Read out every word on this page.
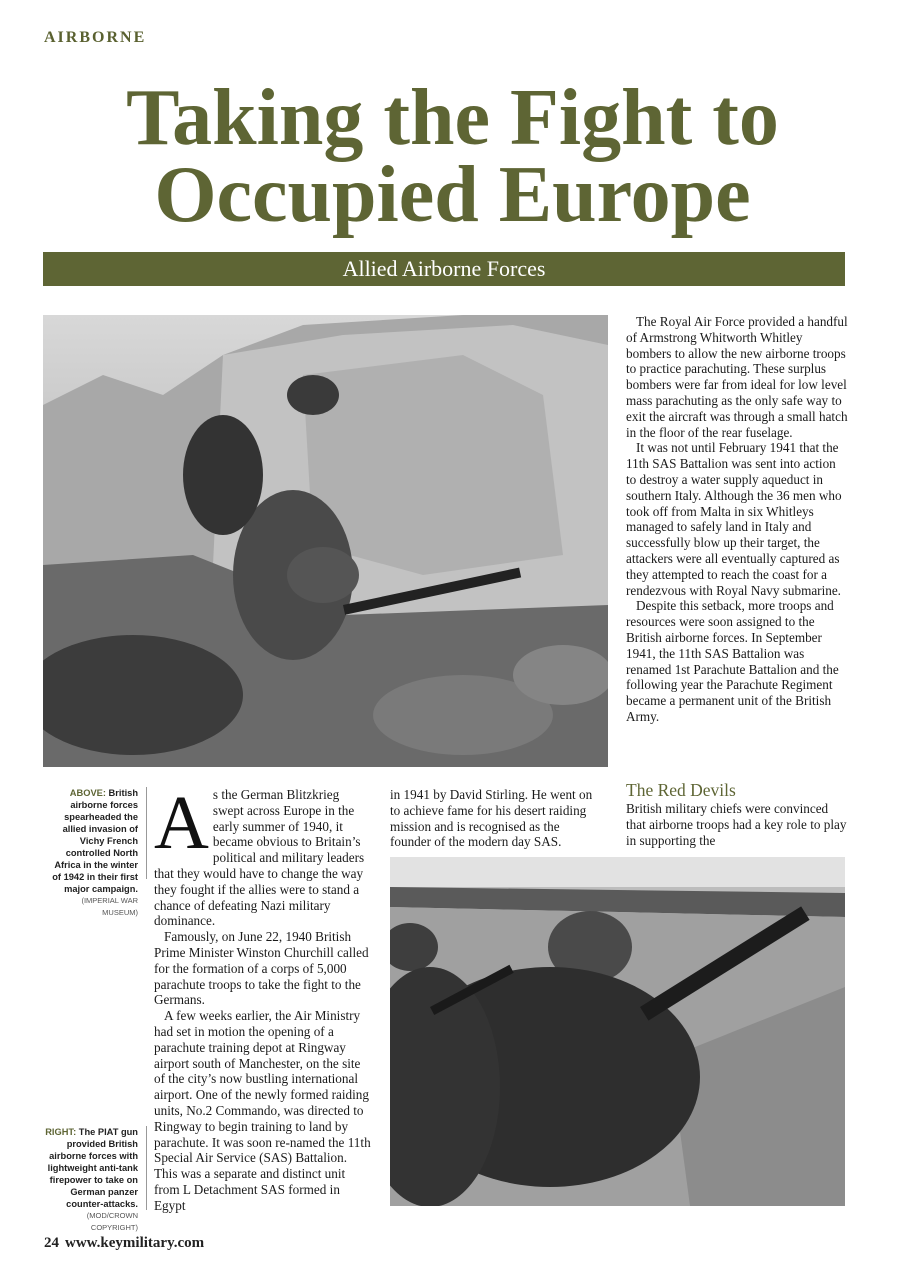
AIRBORNE
Taking the Fight to
Occupied Europe
Allied Airborne Forces

The Royal Air Force provided a handful of Armstrong Whitworth Whitley bombers to allow the new airborne troops to practice parachuting. These surplus bombers were far from ideal for low level mass parachuting as the only safe way to exit the aircraft was through a small hatch in the floor of the rear fuselage.

It was not until February 1941 that the 11th SAS Battalion was sent into action to destroy a water supply aqueduct in southern Italy. Although the 36 men who took off from Malta in six Whitleys managed to safely land in Italy and successfully blow up their target, the attackers were all eventually captured as they attempted to reach the coast for a rendezvous with Royal Navy submarine.

Despite this setback, more troops and resources were soon assigned to the British airborne forces. In September 1941, the 11th SAS Battalion was renamed 1st Parachute Battalion and the following year the Parachute Regiment became a permanent unit of the British Army.

ABOVE: British airborne forces spearheaded the allied invasion of Vichy French controlled North Africa in the winter of 1942 in their first major campaign.
(IMPERIAL WAR MUSEUM)
A s the German Blitzkrieg swept across Europe in the early summer of 1940, it became obvious to Britain’s political and military leaders that they would have to change the way they fought if the allies were to stand a chance of defeating Nazi military dominance.

Famously, on June 22, 1940 British Prime Minister Winston Churchill called for the formation of a corps of 5,000 parachute troops to take the fight to the Germans.

A few weeks earlier, the Air Ministry had set in motion the opening of a parachute training depot at Ringway airport south of Manchester, on the site of the city’s now bustling international airport. One of the newly formed raiding units, No.2 Commando, was directed to Ringway to begin training to land by parachute. It was soon re-named the 11th Special Air Service (SAS) Battalion. This was a separate and distinct unit from L Detachment SAS formed in Egypt

in 1941 by David Stirling. He went on to achieve fame for his desert raiding mission and is recognised as the founder of the modern day SAS.

The Red Devils

British military chiefs were convinced that airborne troops had a key role to play in supporting the

RIGHT: The PIAT gun provided British airborne forces with lightweight anti-tank firepower to take on German panzer counter-attacks.
(MOD/CROWN COPYRIGHT)
24 www.keymilitary.com
